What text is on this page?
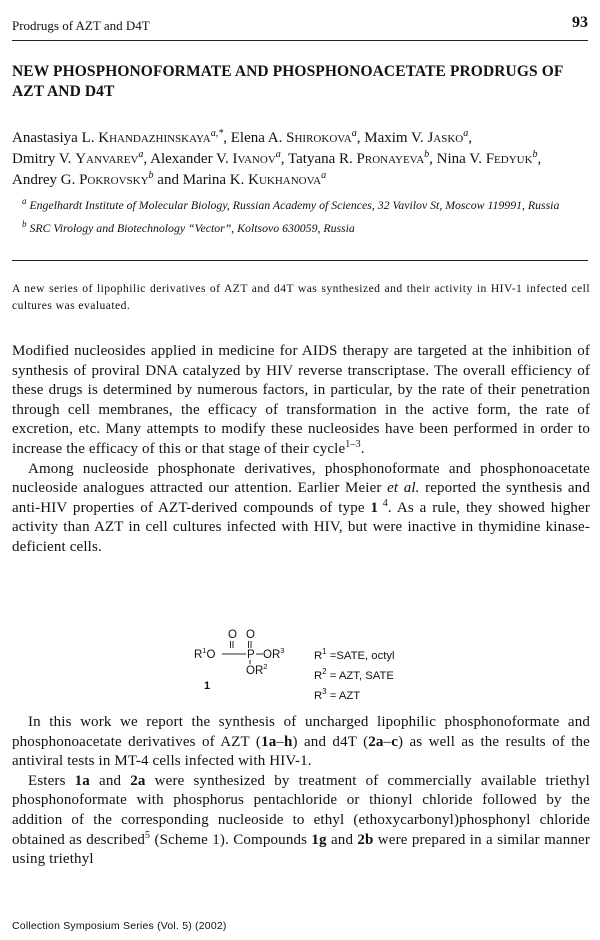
Prodrugs of AZT and D4T	93
NEW PHOSPHONOFORMATE AND PHOSPHONOACETATE PRODRUGS OF AZT AND D4T
Anastasiya L. Khandazhinskaya$^{a,*}$, Elena A. Shirokova$^a$, Maxim V. Jasko$^a$, Dmitry V. Yanvarev$^a$, Alexander V. Ivanov$^a$, Tatyana R. Pronayeva$^b$, Nina V. Fedyuk$^b$, Andrey G. Pokrovsky$^b$ and Marina K. Kukhanova$^a$
$^a$ Engelhardt Institute of Molecular Biology, Russian Academy of Sciences, 32 Vavilov St, Moscow 119991, Russia
$^b$ SRC Virology and Biotechnology “Vector”, Koltsovo 630059, Russia
A new series of lipophilic derivatives of AZT and d4T was synthesized and their activity in HIV-1 infected cell cultures was evaluated.

Modified nucleosides applied in medicine for AIDS therapy are targeted at the inhibition of synthesis of proviral DNA catalyzed by HIV reverse transcriptase. The overall efficiency of these drugs is determined by numerous factors, in particular, by the rate of their penetration through cell membranes, the efficacy of transformation in the active form, the rate of excretion, etc. Many attempts to modify these nucleosides have been performed in order to increase the efficacy of this or that stage of their cycle$^{1-3}$.

Among nucleoside phosphonate derivatives, phosphonoformate and phosphonoacetate nucleoside analogues attracted our attention. Earlier Meier et al. reported the synthesis and anti-HIV properties of AZT-derived compounds of type 1 $^4$. As a rule, they showed higher activity than AZT in cell cultures infected with HIV, but were inactive in thymidine kinase-deficient cells.

O O
$R^1O$	P $OR^3$
$OR^2$
1
$R^1$ =SATE, octyl
$R^2$ = AZT, SATE
$R^3$ = AZT

In this work we report the synthesis of uncharged lipophilic phosphonoformate and phosphonoacetate derivatives of AZT (1a–h) and d4T (2a–c) as well as the results of the antiviral tests in MT-4 cells infected with HIV-1.

Esters 1a and 2a were synthesized by treatment of commercially available triethyl phosphonoformate with phosphorus pentachloride or thionyl chloride followed by the addition of the corresponding nucleoside to ethyl (ethoxycarbonyl)phosphonyl chloride obtained as described$^5$ (Scheme 1). Compounds 1g and 2b were prepared in a similar manner using triethyl

Collection Symposium Series (Vol. 5) (2002)
